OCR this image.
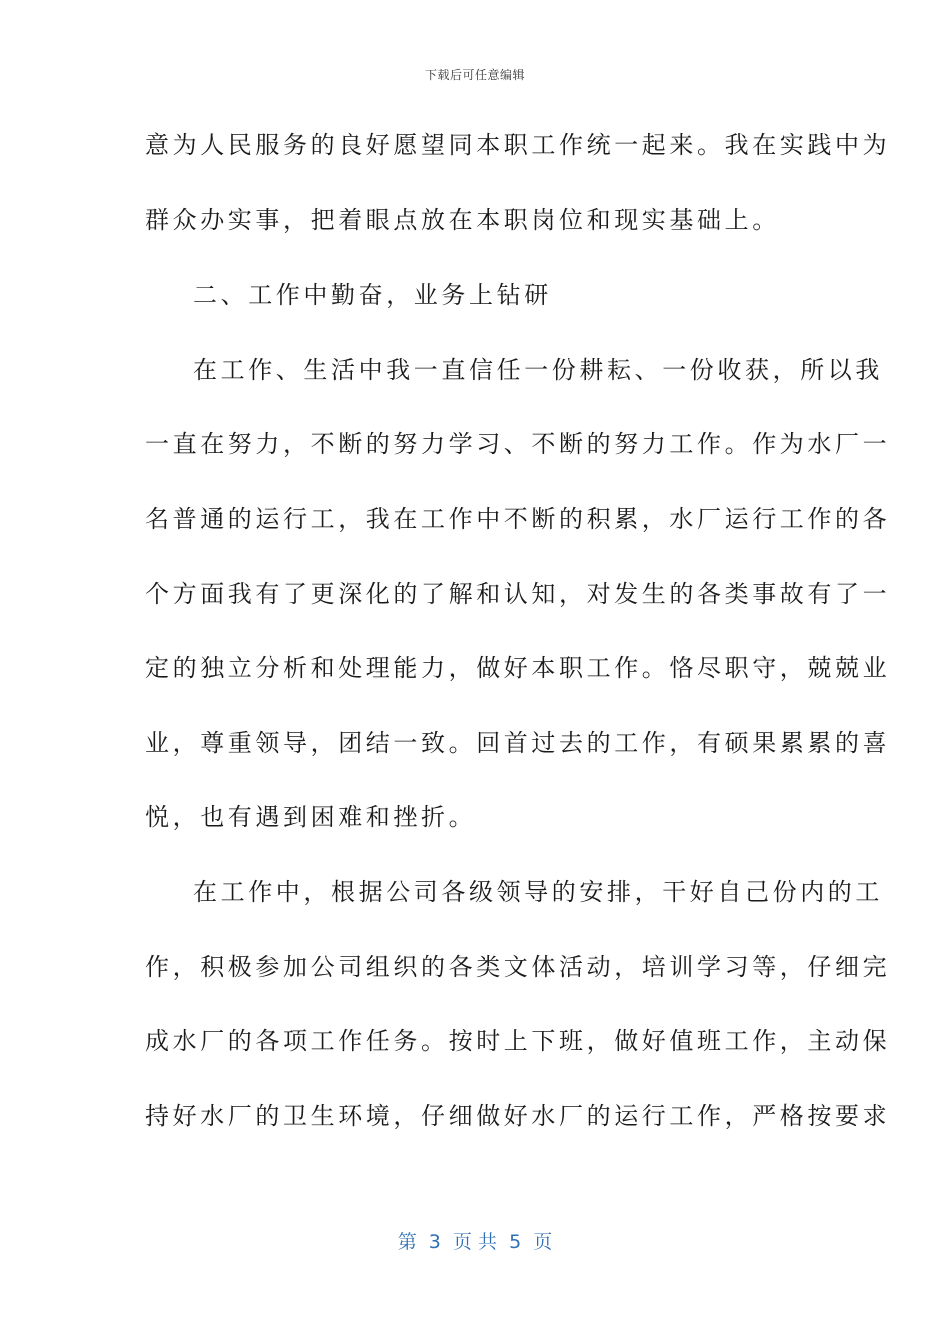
下载后可任意编辑

意为人民服务的良好愿望同本职工作统一起来。我在实践中为

群众办实事，把着眼点放在本职岗位和现实基础上。

二、工作中勤奋，业务上钻研

在工作、生活中我一直信任一份耕耘、一份收获，所以我

一直在努力，不断的努力学习、不断的努力工作。作为水厂一

名普通的运行工，我在工作中不断的积累，水厂运行工作的各

个方面我有了更深化的了解和认知，对发生的各类事故有了一

定的独立分析和处理能力，做好本职工作。恪尽职守，兢兢业

业，尊重领导，团结一致。回首过去的工作，有硕果累累的喜

悦，也有遇到困难和挫折。

在工作中，根据公司各级领导的安排，干好自己份内的工

作，积极参加公司组织的各类文体活动，培训学习等，仔细完

成水厂的各项工作任务。按时上下班，做好值班工作，主动保

持好水厂的卫生环境，仔细做好水厂的运行工作，严格按要求

第  3  页 共  5  页
